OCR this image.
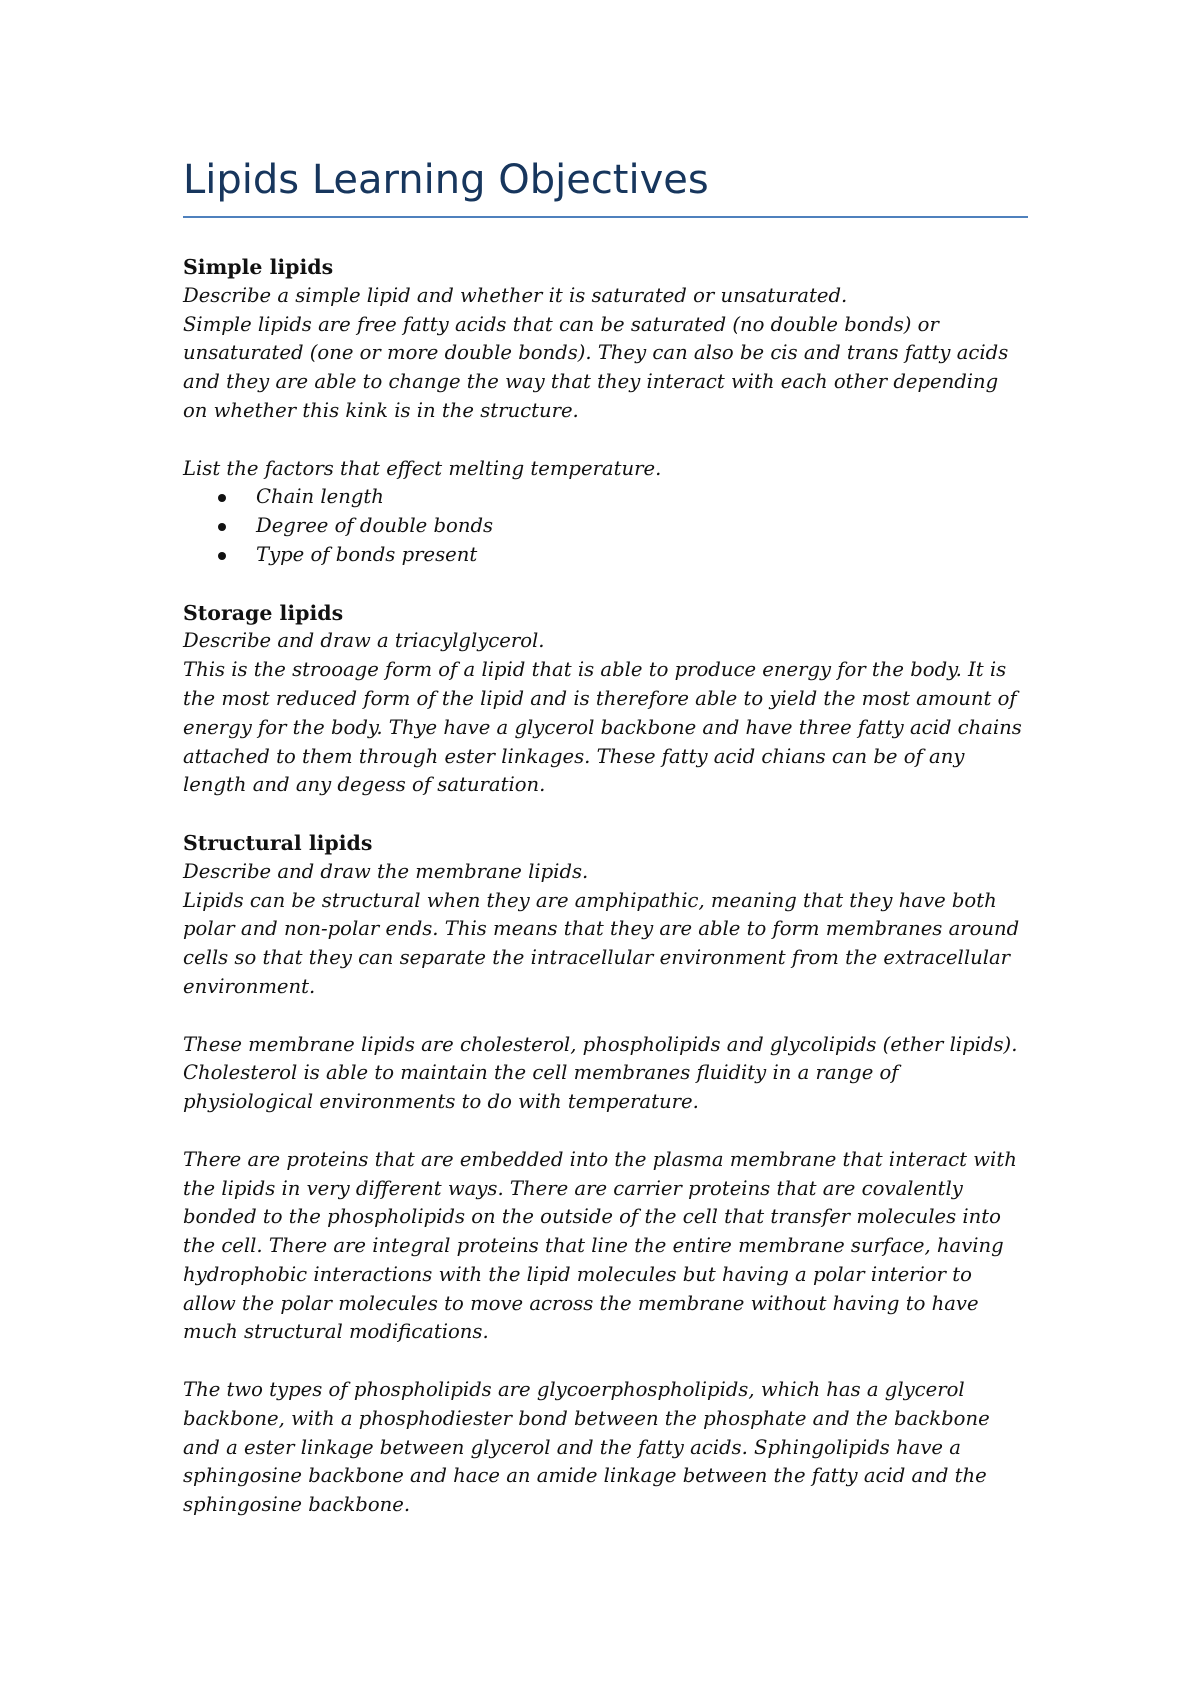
Lipids Learning Objectives

Simple lipids

Describe a simple lipid and whether it is saturated or unsaturated.

Simple lipids are free fatty acids that can be saturated (no double bonds) or unsaturated (one or more double bonds). They can also be cis and trans fatty acids and they are able to change the way that they interact with each other depending on whether this kink is in the structure.

List the factors that effect melting temperature.

Chain length
Degree of double bonds
Type of bonds present

Storage lipids

Describe and draw a triacylglycerol.

This is the strooage form of a lipid that is able to produce energy for the body. It is the most reduced form of the lipid and is therefore able to yield the most amount of energy for the body. Thye have a glycerol backbone and have three fatty acid chains attached to them through ester linkages. These fatty acid chians can be of any length and any degess of saturation.

Structural lipids

Describe and draw the membrane lipids.

Lipids can be structural when they are amphipathic, meaning that they have both polar and non-polar ends. This means that they are able to form membranes around cells so that they can separate the intracellular environment from the extracellular environment.

These membrane lipids are cholesterol, phospholipids and glycolipids (ether lipids). Cholesterol is able to maintain the cell membranes fluidity in a range of physiological environments to do with temperature.

There are proteins that are embedded into the plasma membrane that interact with the lipids in very different ways. There are carrier proteins that are covalently bonded to the phospholipids on the outside of the cell that transfer molecules into the cell. There are integral proteins that line the entire membrane surface, having hydrophobic interactions with the lipid molecules but having a polar interior to allow the polar molecules to move across the membrane without having to have much structural modifications.

The two types of phospholipids are glycoerphospholipids, which has a glycerol backbone, with a phosphodiester bond between the phosphate and the backbone and a ester linkage between glycerol and the fatty acids. Sphingolipids have a sphingosine backbone and hace an amide linkage between the fatty acid and the sphingosine backbone.
